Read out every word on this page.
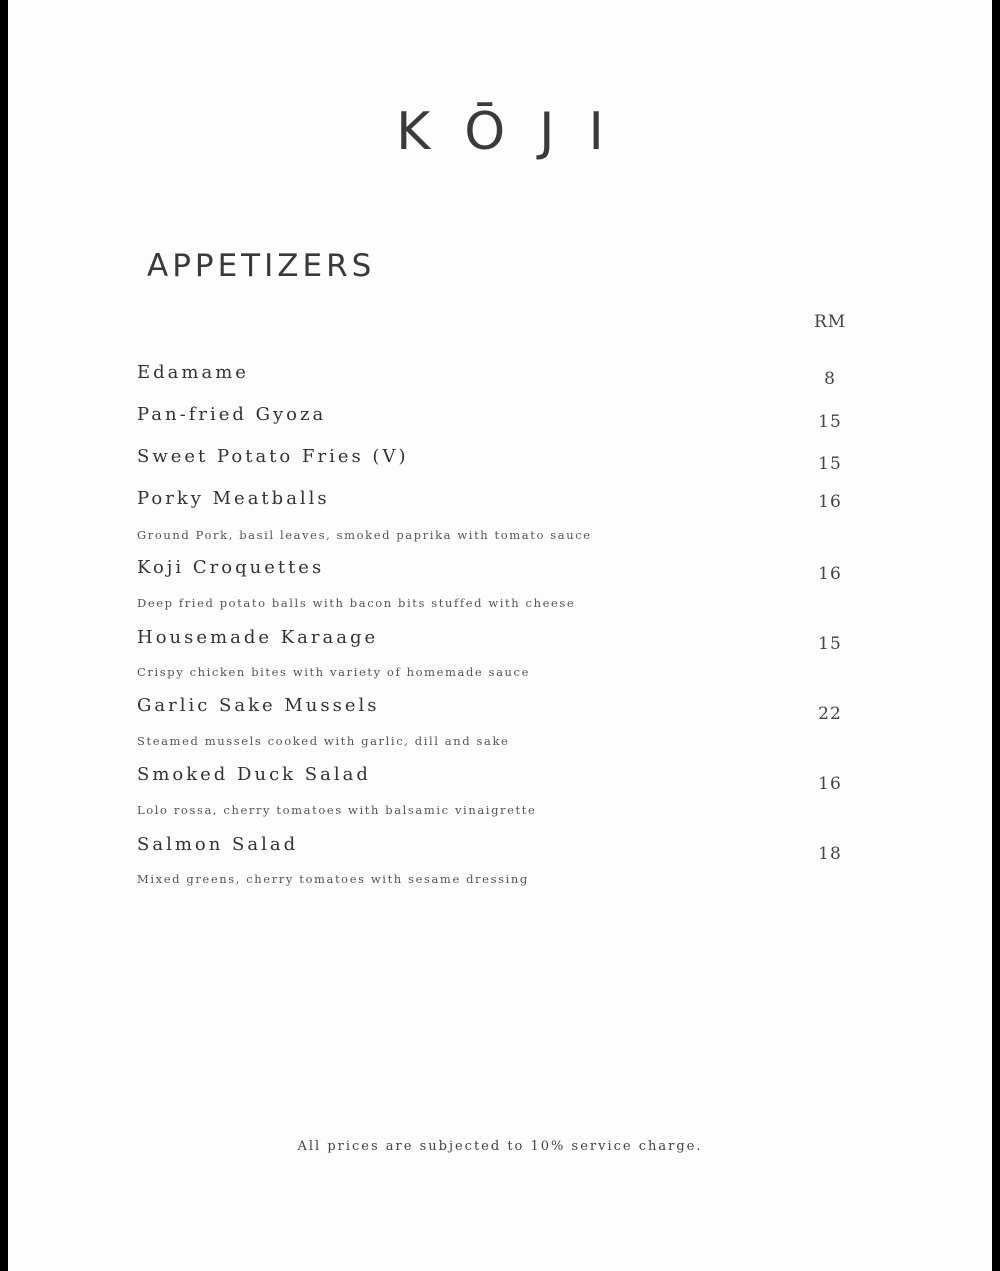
KŌJI
APPETIZERS
RM
Edamame	8
Pan-fried Gyoza	15
Sweet Potato Fries (V)	15
Porky Meatballs	16
Ground Pork, basil leaves, smoked paprika with tomato sauce
Koji Croquettes	16
Deep fried potato balls with bacon bits stuffed with cheese
Housemade Karaage	15
Crispy chicken bites with variety of homemade sauce
Garlic Sake Mussels	22
Steamed mussels cooked with garlic, dill and sake
Smoked Duck Salad	16
Lolo rossa, cherry tomatoes with balsamic vinaigrette
Salmon Salad	18
Mixed greens, cherry tomatoes with sesame dressing
All prices are subjected to 10% service charge.
